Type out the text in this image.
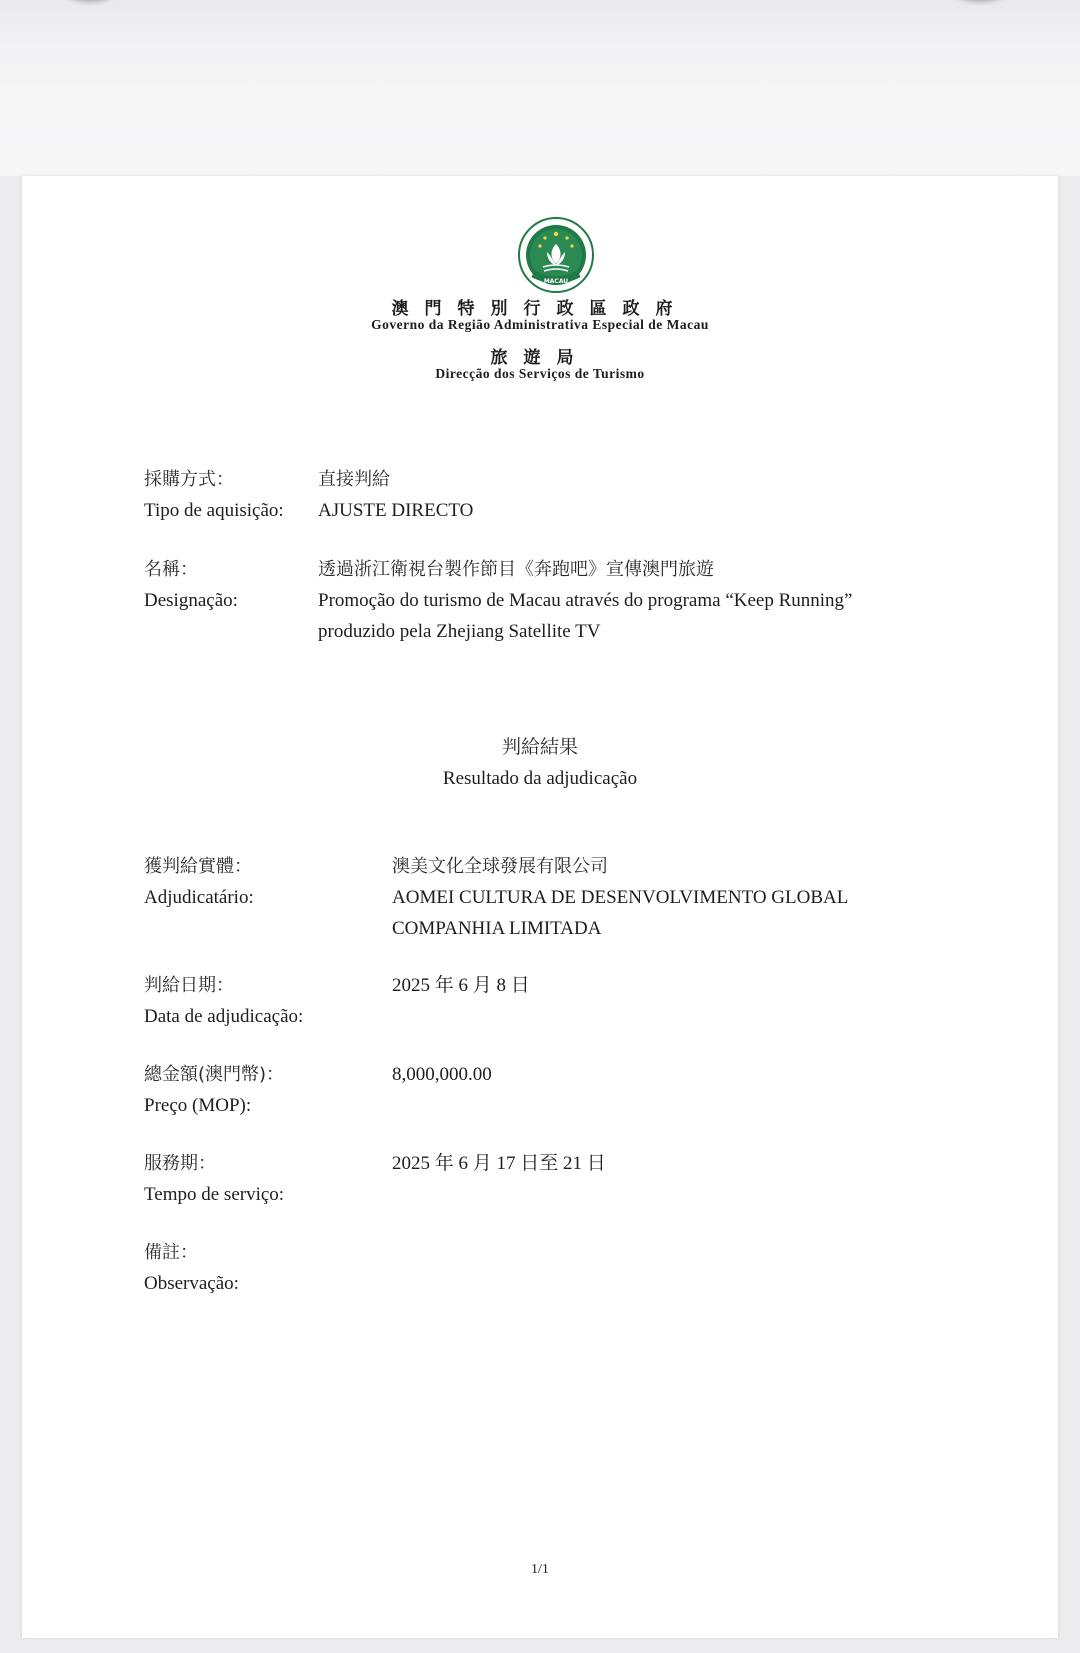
MACAU
澳門特別行政區政府
Governo da Região Administrativa Especial de Macau
旅遊局
Direcção dos Serviços de Turismo
採購方式：
Tipo de aquisição:
直接判給
AJUSTE DIRECTO
名稱：
Designação:
透過浙江衛視台製作節目《奔跑吧》宣傳澳門旅遊
Promoção do turismo de Macau através do programa “Keep Running”
produzido pela Zhejiang Satellite TV
判給結果
Resultado da adjudicação
獲判給實體：
Adjudicatário:
澳美文化全球發展有限公司
AOMEI CULTURA DE DESENVOLVIMENTO GLOBAL
COMPANHIA LIMITADA
判給日期：
Data de adjudicação:
2025 年 6 月 8 日
總金額(澳門幣)：
Preço (MOP):
8,000,000.00
服務期：
Tempo de serviço:
2025 年 6 月 17 日至 21 日
備註：
Observação:
1/1
